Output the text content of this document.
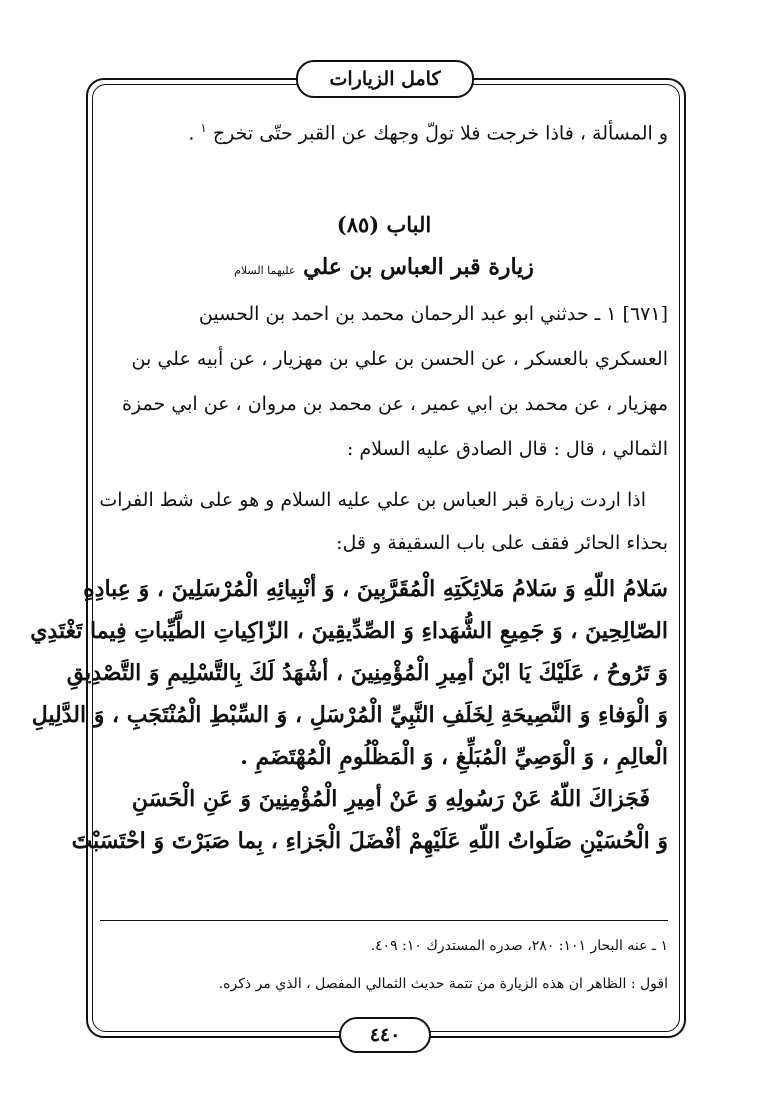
كامل الزيارات
و المسألة ، فاذا خرجت فلا تولّ وجهك عن القبر حتّى تخرج $^١$ .
الباب (٨٥)
زيارة قبر العباس بن علي عليهما السلام
[٦٧١] ١ ـ حدثني ابو عبد الرحمان محمد بن احمد بن الحسين
العسكري بالعسكر ، عن الحسن بن علي بن مهزيار ، عن أبيه علي بن
مهزيار ، عن محمد بن ابي عمير ، عن محمد بن مروان ، عن ابي حمزة
الثمالي ، قال : قال الصادق عليه السلام :
اذا اردت زيارة قبر العباس بن علي عليه السلام و هو على شط الفرات
بحذاء الحائر فقف على باب السقيفة و قل:
سَلامُ اللّهِ وَ سَلامُ مَلائِكَتِهِ الْمُقَرَّبِينَ ، وَ أنْبِيائِهِ الْمُرْسَلِينَ ، وَ عِبادِهِ
الصّالِحِينَ ، وَ جَمِيعِ الشُّهَداءِ وَ الصِّدِّيقِينَ ، الزّاكِياتِ الطَّيِّباتِ فِيما تَغْتَدِي
وَ تَرُوحُ ، عَلَيْكَ يَا ابْنَ أمِيرِ الْمُؤْمِنِينَ ، أشْهَدُ لَكَ بِالتَّسْلِيمِ وَ التَّصْدِيقِ
وَ الْوَفاءِ وَ النَّصِيحَةِ لِخَلَفِ النَّبِيِّ الْمُرْسَلِ ، وَ السِّبْطِ الْمُنْتَجَبِ ، وَ الدَّلِيلِ
الْعالِمِ ، وَ الْوَصِيِّ الْمُبَلِّغِ ، وَ الْمَظْلُومِ الْمُهْتَضَمِ .
فَجَزاكَ اللّهُ عَنْ رَسُولِهِ وَ عَنْ أمِيرِ الْمُؤْمِنِينَ وَ عَنِ الْحَسَنِ
وَ الْحُسَيْنِ صَلَواتُ اللّهِ عَلَيْهِمْ أفْضَلَ الْجَزاءِ ، بِما صَبَرْتَ وَ احْتَسَبْتَ
١ ـ عنه البحار ١٠١: ٢٨٠، صدره المستدرك ١٠: ٤٠٩.
اقول : الظاهر ان هذه الزيارة من تتمة حديث الثمالي المفصل ، الذي مر ذكره.
٤٤٠
